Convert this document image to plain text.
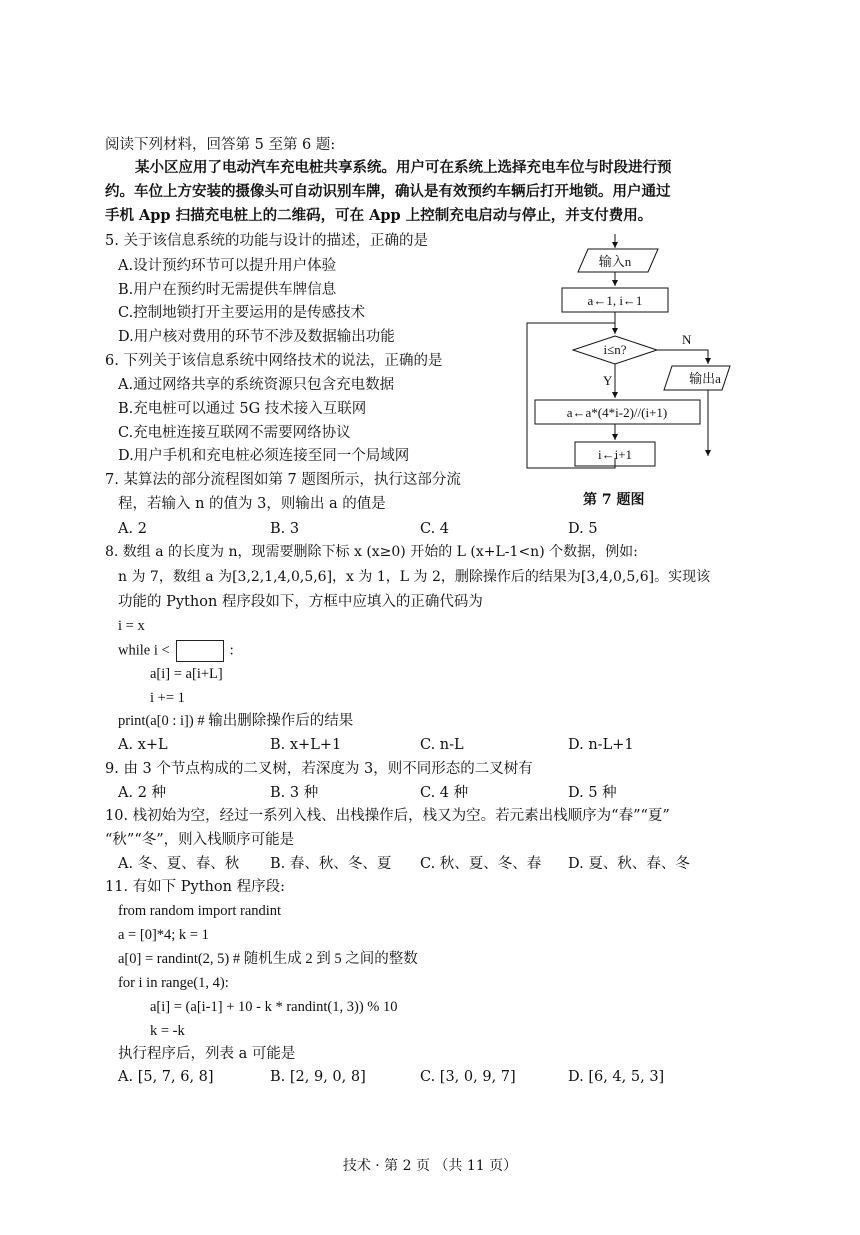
阅读下列材料，回答第 5 至第 6 题:
某小区应用了电动汽车充电桩共享系统。用户可在系统上选择充电车位与时段进行预
约。车位上方安装的摄像头可自动识别车牌，确认是有效预约车辆后打开地锁。用户通过
手机 App 扫描充电桩上的二维码，可在 App 上控制充电启动与停止，并支付费用。
5. 关于该信息系统的功能与设计的描述，正确的是
A.设计预约环节可以提升用户体验
B.用户在预约时无需提供车牌信息
C.控制地锁打开主要运用的是传感技术
D.用户核对费用的环节不涉及数据输出功能
6. 下列关于该信息系统中网络技术的说法，正确的是
A.通过网络共享的系统资源只包含充电数据
B.充电桩可以通过 5G 技术接入互联网
C.充电桩连接互联网不需要网络协议
D.用户手机和充电桩必须连接至同一个局域网
输入n
a←1, i←1
i≤n?
N
输出a
Y
a←a*(4*i-2)//(i+1)
i←i+1
第 7 题图
7. 某算法的部分流程图如第 7 题图所示，执行这部分流
程，若输入 n 的值为 3，则输出 a 的值是
A. 2	B. 3	C. 4	D. 5
8. 数组 a 的长度为 n，现需要删除下标 x (x≥0) 开始的 L (x+L-1<n) 个数据，例如:
n 为 7，数组 a 为[3,2,1,4,0,5,6]，x 为 1，L 为 2，删除操作后的结果为[3,4,0,5,6]。实现该
功能的 Python 程序段如下，方框中应填入的正确代码为
i = x
while i <	:
a[i] = a[i+L]
i += 1
print(a[0 : i]) # 输出删除操作后的结果
A. x+L	B. x+L+1	C. n-L	D. n-L+1
9. 由 3 个节点构成的二叉树，若深度为 3，则不同形态的二叉树有
A. 2 种	B. 3 种	C. 4 种	D. 5 种
10. 栈初始为空，经过一系列入栈、出栈操作后，栈又为空。若元素出栈顺序为“春”“夏”
“秋”“冬”，则入栈顺序可能是
A. 冬、夏、春、秋 B. 春、秋、冬、夏 C. 秋、夏、冬、春 D. 夏、秋、春、冬
11. 有如下 Python 程序段:
from random import randint
a = [0]*4; k = 1
a[0] = randint(2, 5) # 随机生成 2 到 5 之间的整数
for i in range(1, 4):
a[i] = (a[i-1] + 10 - k * randint(1, 3)) % 10
k = -k
执行程序后，列表 a 可能是
A. [5, 7, 6, 8]	B. [2, 9, 0, 8]	C. [3, 0, 9, 7]	D. [6, 4, 5, 3]
技术 · 第 2 页 （共 11 页）
